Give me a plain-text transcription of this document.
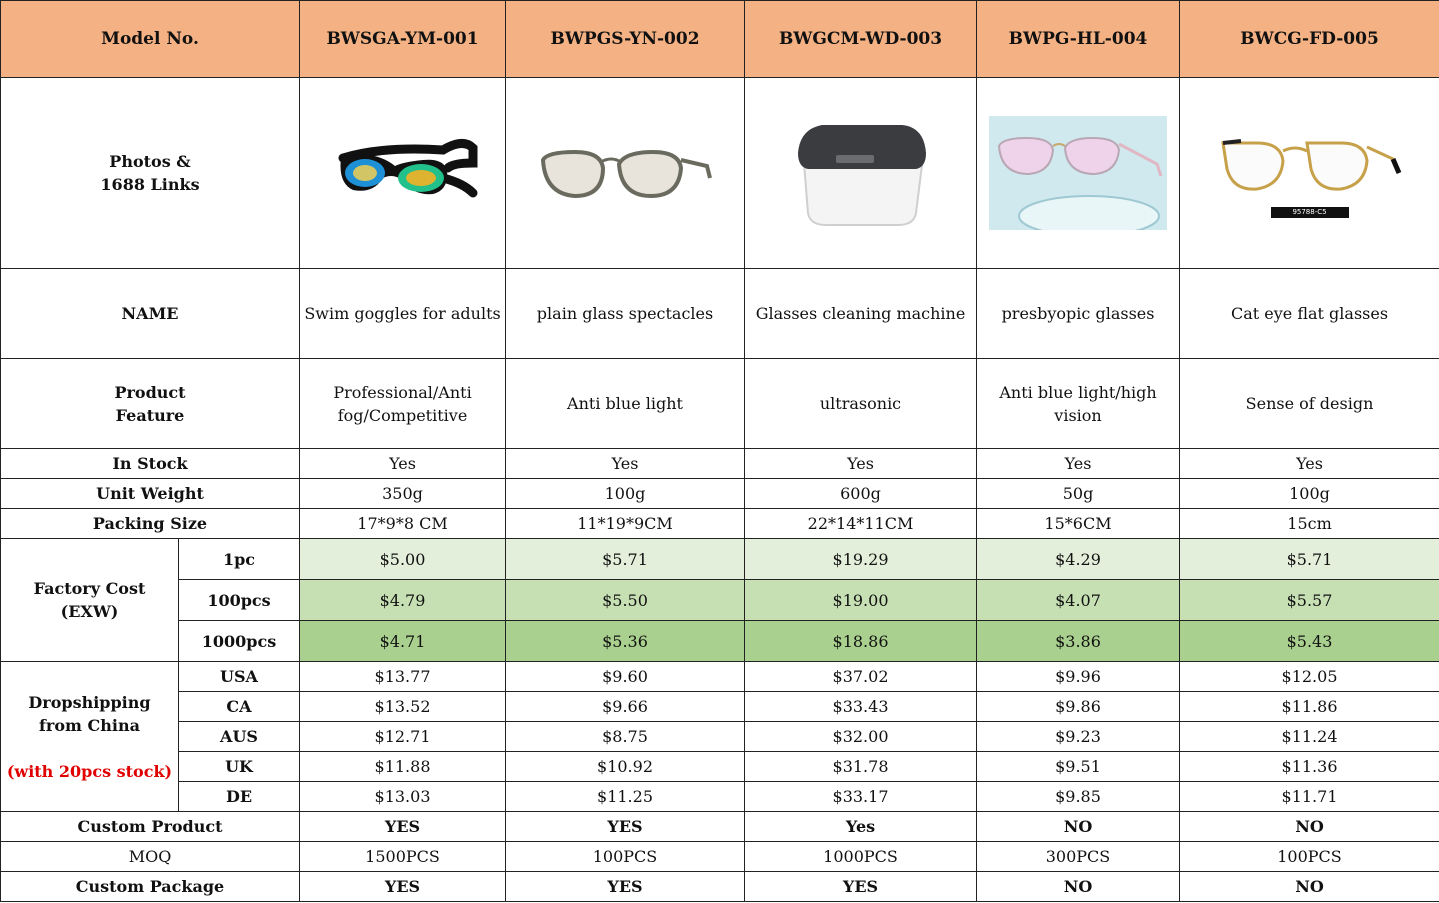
Model No.		BWSGA-YM-001	BWPGS-YN-002	BWGCM-WD-003	BWPG-HL-004	BWCG-FD-005

Photos &
1688 Links						95788-C5

NAME		Swim goggles for adults	plain glass spectacles	Glasses cleaning machine	presbyopic glasses	Cat eye flat glasses

Product
Feature		Professional/Anti fog/Competitive	Anti blue light	ultrasonic	Anti blue light/high vision	Sense of design
In Stock		Yes	Yes	Yes	Yes	Yes
Unit Weight		350g	100g	600g	50g	100g
Packing Size		17*9*8 CM	11*19*9CM	22*14*11CM	15*6CM	15cm
Factory Cost (EXW)	1pc	$5.00	$5.71	$19.29	$4.29	$5.71
	100pcs	$4.79	$5.50	$19.00	$4.07	$5.57
	1000pcs	$4.71	$5.36	$18.86	$3.86	$5.43

Dropshipping
from China
(with 20pcs stock)	USA	$13.77	$9.60	$37.02	$9.96	$12.05
	CA	$13.52	$9.66	$33.43	$9.86	$11.86
	AUS	$12.71	$8.75	$32.00	$9.23	$11.24
	UK	$11.88	$10.92	$31.78	$9.51	$11.36
	DE	$13.03	$11.25	$33.17	$9.85	$11.71
Custom Product		YES	YES	Yes	NO	NO
MOQ		1500PCS	100PCS	1000PCS	300PCS	100PCS
Custom Package		YES	YES	YES	NO	NO
